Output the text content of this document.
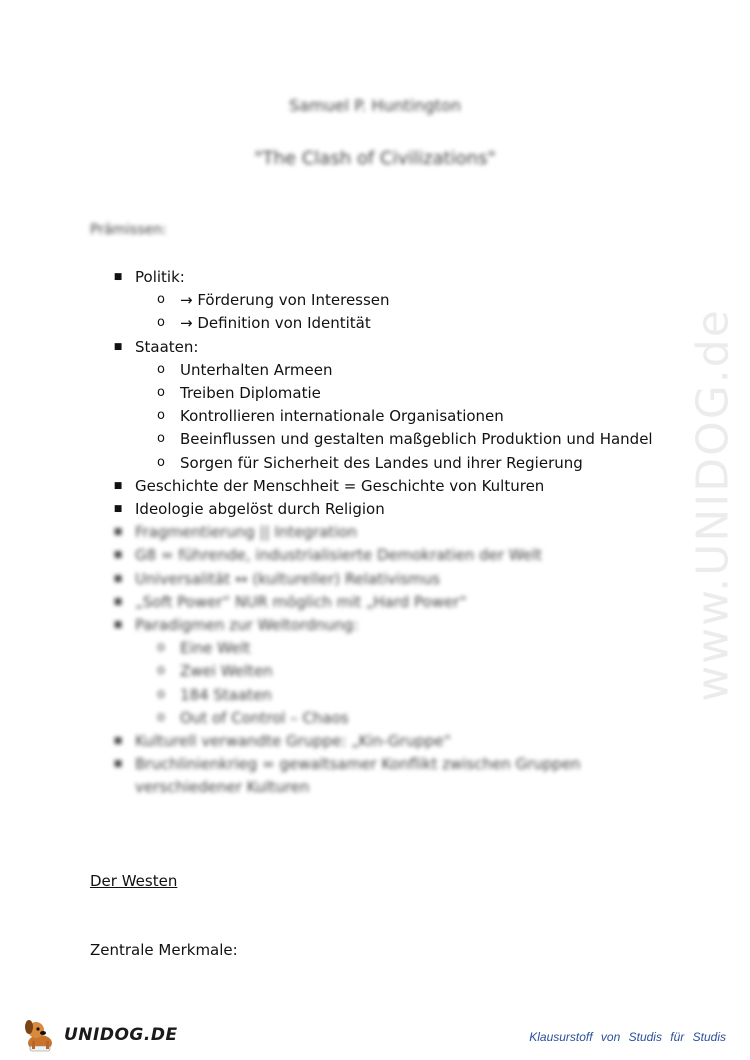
www.UNIDOG.de
Samuel P. Huntington
"The Clash of Civilizations"
Prämissen:
■ Politik:
o → Förderung von Interessen
o → Definition von Identität
■ Staaten:
o Unterhalten Armeen
o Treiben Diplomatie
o Kontrollieren internationale Organisationen
o Beeinflussen und gestalten maßgeblich Produktion und Handel
o Sorgen für Sicherheit des Landes und ihrer Regierung
■ Geschichte der Menschheit = Geschichte von Kulturen
■ Ideologie abgelöst durch Religion
■ Fragmentierung || Integration
■ G8 = führende, industrialisierte Demokratien der Welt
■ Universalität ↔ (kultureller) Relativismus
■ „Soft Power“ NUR möglich mit „Hard Power“
■ Paradigmen zur Weltordnung:
o Eine Welt
o Zwei Welten
o 184 Staaten
o Out of Control – Chaos
■ Kulturell verwandte Gruppe: „Kin-Gruppe“
■ Bruchlinienkrieg = gewaltsamer Konflikt zwischen Gruppen
verschiedener Kulturen
Der Westen
Zentrale Merkmale:
UNIDOG.DE	Klausurstoff von Studis für Studis
